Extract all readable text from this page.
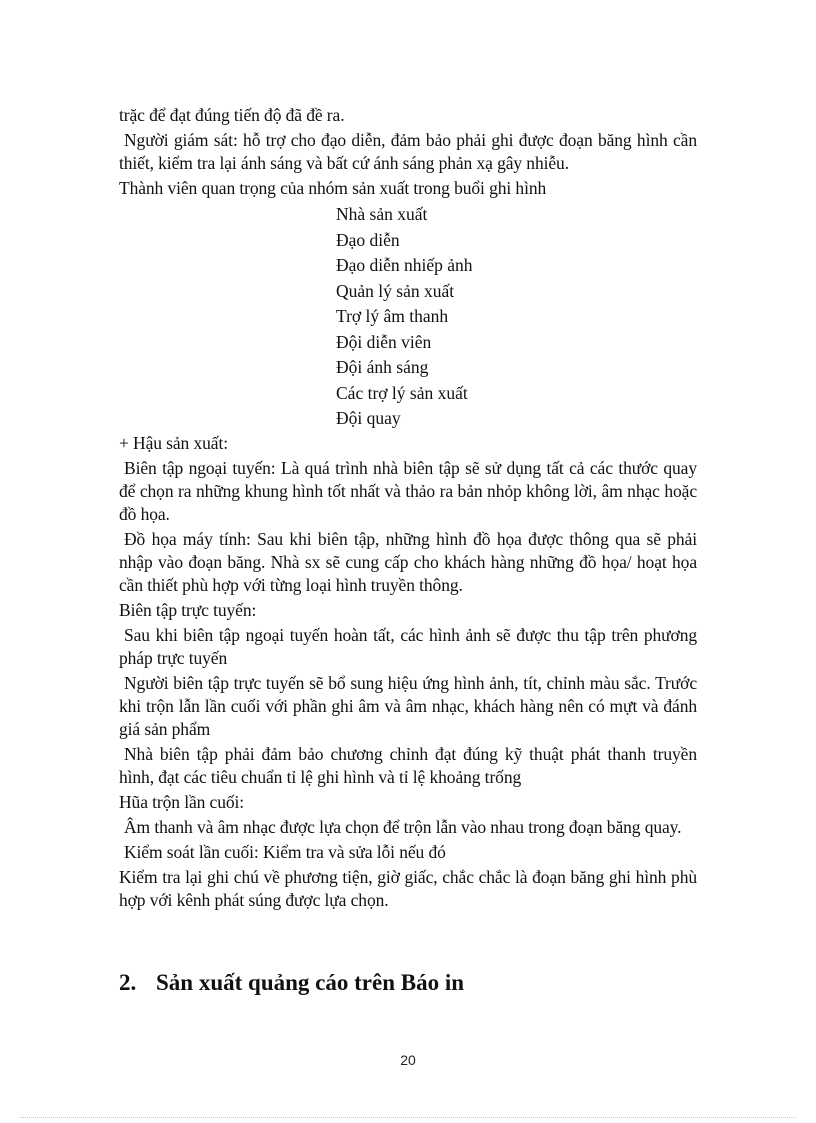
trặc để đạt đúng tiến độ đã đề ra.

Người giám sát: hỗ trợ cho đạo diễn, đảm bảo phải ghi được đoạn băng hình cần thiết, kiểm tra lại ánh sáng và bất cứ ánh sáng phản xạ gây nhiễu.

Thành viên quan trọng của nhóm sản xuất trong buổi ghi hình

Nhà sản xuất
Đạo diễn
Đạo diễn nhiếp ảnh
Quản lý sản xuất
Trợ lý âm thanh
Đội diễn viên
Đội ánh sáng
Các trợ lý sản xuất
Đội quay

+ Hậu sản xuất:

Biên tập ngoại tuyến: Là quá trình nhà biên tập sẽ sử dụng tất cả các thước quay để chọn ra những khung hình tốt nhất và thảo ra bản nhỏp không lời, âm nhạc hoặc đồ họa.

Đồ họa máy tính: Sau khi biên tập, những hình đồ họa được thông qua sẽ phải nhập vào đoạn băng. Nhà sx sẽ cung cấp cho khách hàng những đồ họa/ hoạt họa cần thiết phù hợp với từng loại hình truyền thông.

Biên tập trực tuyến:

Sau khi biên tập ngoại tuyến hoàn tất, các hình ảnh sẽ được thu tập trên phương pháp trực tuyến

Người biên tập trực tuyến sẽ bổ sung hiệu ứng hình ảnh, tít, chỉnh màu sắc. Trước khi trộn lẫn lần cuối với phần ghi âm và âm nhạc, khách hàng nên có mựt và đánh giá sản phẩm

Nhà biên tập phải đảm bảo chương chỉnh đạt đúng kỹ thuật phát thanh truyền hình, đạt các tiêu chuẩn tỉ lệ ghi hình và tỉ lệ khoảng trống

Hũa trộn lần cuối:

Âm thanh và âm nhạc được lựa chọn để trộn lẫn vào nhau trong đoạn băng quay.

Kiểm soát lần cuối: Kiểm tra và sửa lỗi nếu đó

Kiểm tra lại ghi chú về phương tiện, giờ giấc, chắc chắc là đoạn băng ghi hình phù hợp với kênh phát súng được lựa chọn.

2. Sản xuất quảng cáo trên Báo in
20
